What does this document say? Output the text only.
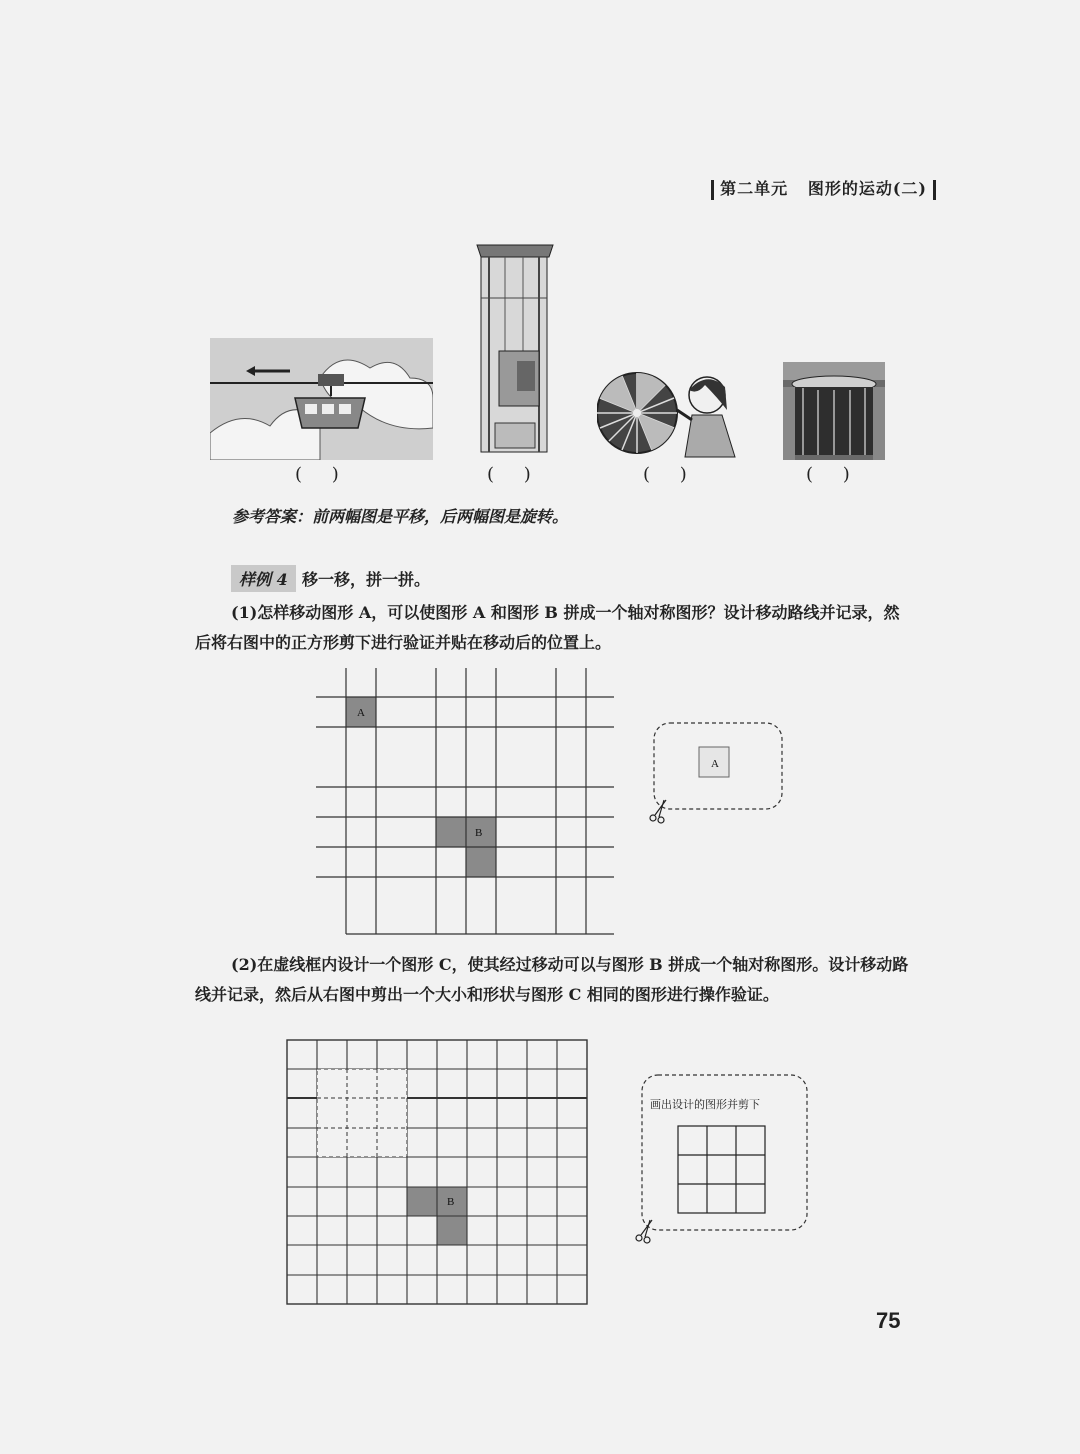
第二单元 图形的运动(二)
( )	( )	( )	( )
参考答案：前两幅图是平移，后两幅图是旋转。
样例 4 移一移，拼一拼。
(1)怎样移动图形 A，可以使图形 A 和图形 B 拼成一个轴对称图形？设计移动路线并记录，然后将右图中的正方形剪下进行验证并贴在移动后的位置上。
A
B
A
(2)在虚线框内设计一个图形 C，使其经过移动可以与图形 B 拼成一个轴对称图形。设计移动路线并记录，然后从右图中剪出一个大小和形状与图形 C 相同的图形进行操作验证。
B
画出设计的图形并剪下
75
